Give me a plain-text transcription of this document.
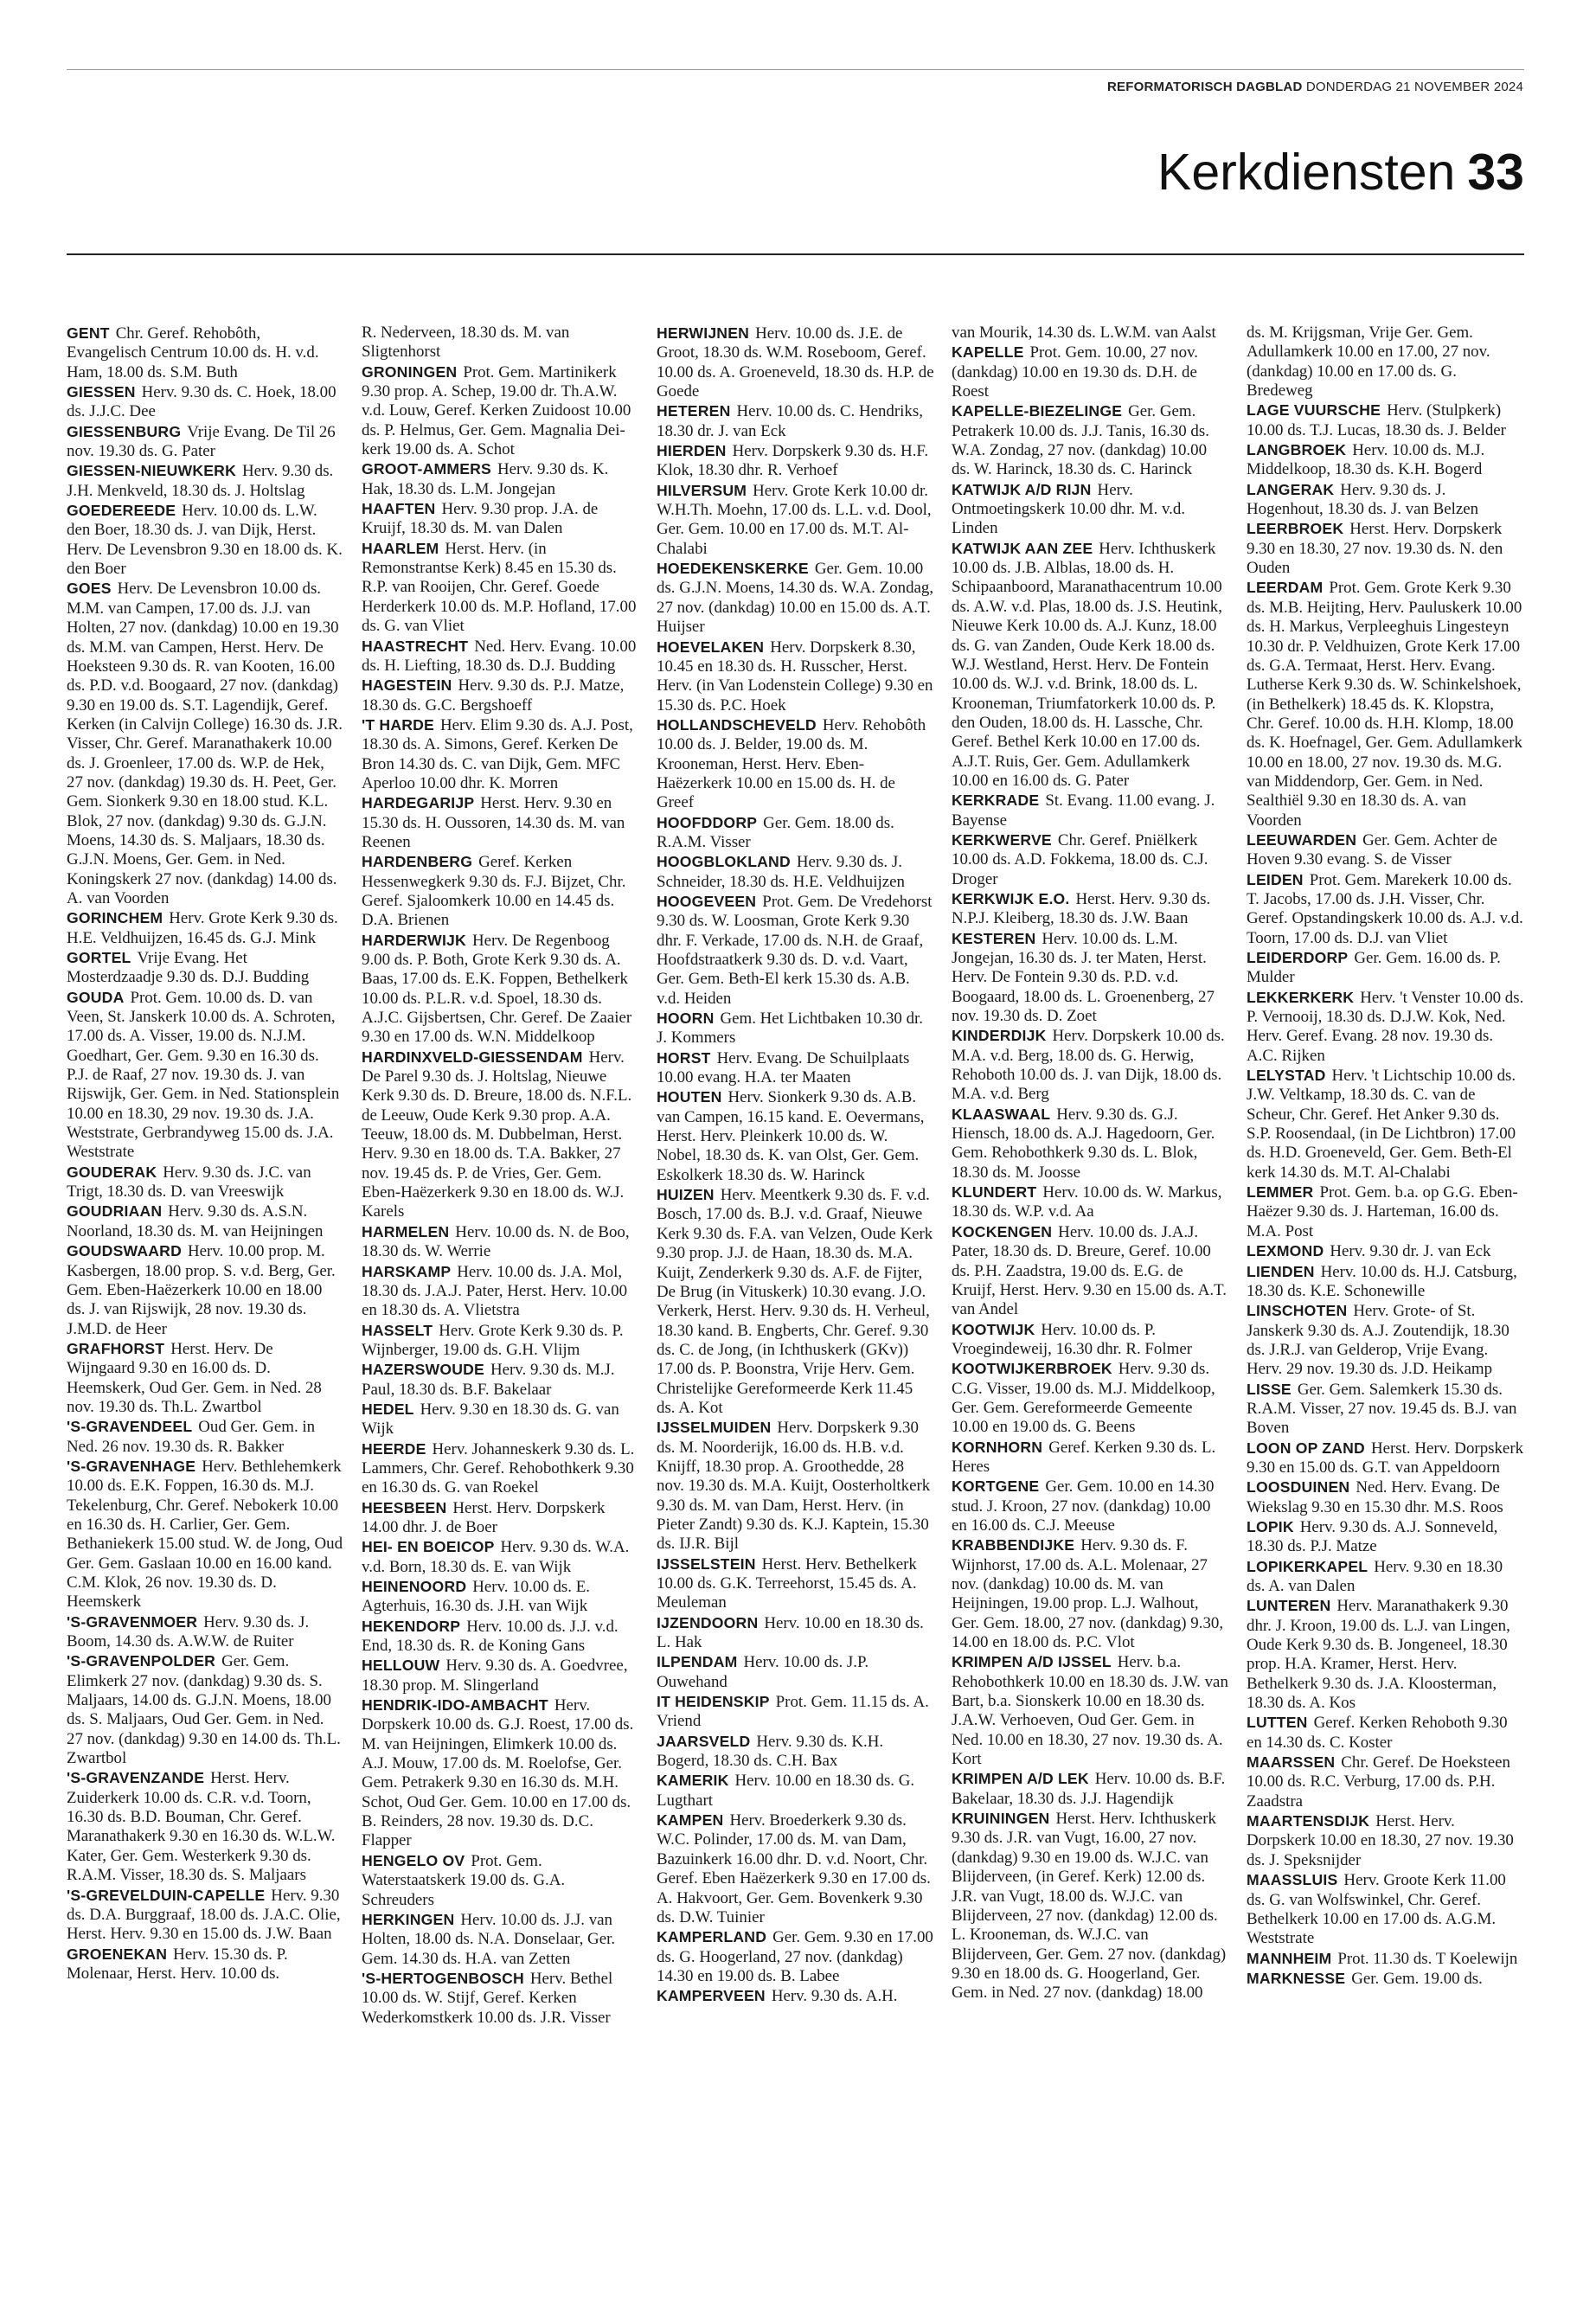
REFORMATORISCH DAGBLAD DONDERDAG 21 NOVEMBER 2024
Kerkdiensten 33

GENT Chr. Geref. Rehobôth, Evangelisch Centrum 10.00 ds. H. v.d. Ham, 18.00 ds. S.M. Buth

GIESSEN Herv. 9.30 ds. C. Hoek, 18.00 ds. J.J.C. Dee

GIESSENBURG Vrije Evang. De Til 26 nov. 19.30 ds. G. Pater

GIESSEN-NIEUWKERK Herv. 9.30 ds. J.H. Menkveld, 18.30 ds. J. Holtslag

GOEDEREEDE Herv. 10.00 ds. L.W. den Boer, 18.30 ds. J. van Dijk, Herst. Herv. De Levensbron 9.30 en 18.00 ds. K. den Boer

GOES Herv. De Levensbron 10.00 ds. M.M. van Campen, 17.00 ds. J.J. van Holten, 27 nov. (dankdag) 10.00 en 19.30 ds. M.M. van Campen, Herst. Herv. De Hoeksteen 9.30 ds. R. van Kooten, 16.00 ds. P.D. v.d. Boogaard, 27 nov. (dankdag) 9.30 en 19.00 ds. S.T. Lagendijk, Geref. Kerken (in Calvijn College) 16.30 ds. J.R. Visser, Chr. Geref. Maranathakerk 10.00 ds. J. Groenleer, 17.00 ds. W.P. de Hek, 27 nov. (dankdag) 19.30 ds. H. Peet, Ger. Gem. Sionkerk 9.30 en 18.00 stud. K.L. Blok, 27 nov. (dankdag) 9.30 ds. G.J.N. Moens, 14.30 ds. S. Maljaars, 18.30 ds. G.J.N. Moens, Ger. Gem. in Ned. Koningskerk 27 nov. (dankdag) 14.00 ds. A. van Voorden

GORINCHEM Herv. Grote Kerk 9.30 ds. H.E. Veldhuijzen, 16.45 ds. G.J. Mink

GORTEL Vrije Evang. Het Mosterdzaadje 9.30 ds. D.J. Budding

GOUDA Prot. Gem. 10.00 ds. D. van Veen, St. Janskerk 10.00 ds. A. Schroten, 17.00 ds. A. Visser, 19.00 ds. N.J.M. Goedhart, Ger. Gem. 9.30 en 16.30 ds. P.J. de Raaf, 27 nov. 19.30 ds. J. van Rijswijk, Ger. Gem. in Ned. Stationsplein 10.00 en 18.30, 29 nov. 19.30 ds. J.A. Weststrate, Gerbrandyweg 15.00 ds. J.A. Weststrate

GOUDERAK Herv. 9.30 ds. J.C. van Trigt, 18.30 ds. D. van Vreeswijk

GOUDRIAAN Herv. 9.30 ds. A.S.N. Noorland, 18.30 ds. M. van Heijningen

GOUDSWAARD Herv. 10.00 prop. M. Kasbergen, 18.00 prop. S. v.d. Berg, Ger. Gem. Eben-Haëzerkerk 10.00 en 18.00 ds. J. van Rijswijk, 28 nov. 19.30 ds. J.M.D. de Heer

GRAFHORST Herst. Herv. De Wijngaard 9.30 en 16.00 ds. D. Heemskerk, Oud Ger. Gem. in Ned. 28 nov. 19.30 ds. Th.L. Zwartbol

'S-GRAVENDEEL Oud Ger. Gem. in Ned. 26 nov. 19.30 ds. R. Bakker

'S-GRAVENHAGE Herv. Bethlehemkerk 10.00 ds. E.K. Foppen, 16.30 ds. M.J. Tekelenburg, Chr. Geref. Nebokerk 10.00 en 16.30 ds. H. Carlier, Ger. Gem. Bethaniekerk 15.00 stud. W. de Jong, Oud Ger. Gem. Gaslaan 10.00 en 16.00 kand. C.M. Klok, 26 nov. 19.30 ds. D. Heemskerk

'S-GRAVENMOER Herv. 9.30 ds. J. Boom, 14.30 ds. A.W.W. de Ruiter

'S-GRAVENPOLDER Ger. Gem. Elimkerk 27 nov. (dankdag) 9.30 ds. S. Maljaars, 14.00 ds. G.J.N. Moens, 18.00 ds. S. Maljaars, Oud Ger. Gem. in Ned. 27 nov. (dankdag) 9.30 en 14.00 ds. Th.L. Zwartbol

'S-GRAVENZANDE Herst. Herv. Zuiderkerk 10.00 ds. C.R. v.d. Toorn, 16.30 ds. B.D. Bouman, Chr. Geref. Maranathakerk 9.30 en 16.30 ds. W.L.W. Kater, Ger. Gem. Westerkerk 9.30 ds. R.A.M. Visser, 18.30 ds. S. Maljaars

'S-GREVELDUIN-CAPELLE Herv. 9.30 ds. D.A. Burggraaf, 18.00 ds. J.A.C. Olie, Herst. Herv. 9.30 en 15.00 ds. J.W. Baan

GROENEKAN Herv. 15.30 ds. P. Molenaar, Herst. Herv. 10.00 ds.

R. Nederveen, 18.30 ds. M. van Sligtenhorst

GRONINGEN Prot. Gem. Martinikerk 9.30 prop. A. Schep, 19.00 dr. Th.A.W. v.d. Louw, Geref. Kerken Zuidoost 10.00 ds. P. Helmus, Ger. Gem. Magnalia Dei-kerk 19.00 ds. A. Schot

GROOT-AMMERS Herv. 9.30 ds. K. Hak, 18.30 ds. L.M. Jongejan

HAAFTEN Herv. 9.30 prop. J.A. de Kruijf, 18.30 ds. M. van Dalen

HAARLEM Herst. Herv. (in Remonstrantse Kerk) 8.45 en 15.30 ds. R.P. van Rooijen, Chr. Geref. Goede Herderkerk 10.00 ds. M.P. Hofland, 17.00 ds. G. van Vliet

HAASTRECHT Ned. Herv. Evang. 10.00 ds. H. Liefting, 18.30 ds. D.J. Budding

HAGESTEIN Herv. 9.30 ds. P.J. Matze, 18.30 ds. G.C. Bergshoeff

'T HARDE Herv. Elim 9.30 ds. A.J. Post, 18.30 ds. A. Simons, Geref. Kerken De Bron 14.30 ds. C. van Dijk, Gem. MFC Aperloo 10.00 dhr. K. Morren

HARDEGARIJP Herst. Herv. 9.30 en 15.30 ds. H. Oussoren, 14.30 ds. M. van Reenen

HARDENBERG Geref. Kerken Hessenwegkerk 9.30 ds. F.J. Bijzet, Chr. Geref. Sjaloomkerk 10.00 en 14.45 ds. D.A. Brienen

HARDERWIJK Herv. De Regenboog 9.00 ds. P. Both, Grote Kerk 9.30 ds. A. Baas, 17.00 ds. E.K. Foppen, Bethelkerk 10.00 ds. P.L.R. v.d. Spoel, 18.30 ds. A.J.C. Gijsbertsen, Chr. Geref. De Zaaier 9.30 en 17.00 ds. W.N. Middelkoop

HARDINXVELD-GIESSENDAM Herv. De Parel 9.30 ds. J. Holtslag, Nieuwe Kerk 9.30 ds. D. Breure, 18.00 ds. N.F.L. de Leeuw, Oude Kerk 9.30 prop. A.A. Teeuw, 18.00 ds. M. Dubbelman, Herst. Herv. 9.30 en 18.00 ds. T.A. Bakker, 27 nov. 19.45 ds. P. de Vries, Ger. Gem. Eben-Haëzerkerk 9.30 en 18.00 ds. W.J. Karels

HARMELEN Herv. 10.00 ds. N. de Boo, 18.30 ds. W. Werrie

HARSKAMP Herv. 10.00 ds. J.A. Mol, 18.30 ds. J.A.J. Pater, Herst. Herv. 10.00 en 18.30 ds. A. Vlietstra

HASSELT Herv. Grote Kerk 9.30 ds. P. Wijnberger, 19.00 ds. G.H. Vlijm

HAZERSWOUDE Herv. 9.30 ds. M.J. Paul, 18.30 ds. B.F. Bakelaar

HEDEL Herv. 9.30 en 18.30 ds. G. van Wijk

HEERDE Herv. Johanneskerk 9.30 ds. L. Lammers, Chr. Geref. Rehobothkerk 9.30 en 16.30 ds. G. van Roekel

HEESBEEN Herst. Herv. Dorpskerk 14.00 dhr. J. de Boer

HEI- EN BOEICOP Herv. 9.30 ds. W.A. v.d. Born, 18.30 ds. E. van Wijk

HEINENOORD Herv. 10.00 ds. E. Agterhuis, 16.30 ds. J.H. van Wijk

HEKENDORP Herv. 10.00 ds. J.J. v.d. End, 18.30 ds. R. de Koning Gans

HELLOUW Herv. 9.30 ds. A. Goedvree, 18.30 prop. M. Slingerland

HENDRIK-IDO-AMBACHT Herv. Dorpskerk 10.00 ds. G.J. Roest, 17.00 ds. M. van Heijningen, Elimkerk 10.00 ds. A.J. Mouw, 17.00 ds. M. Roelofse, Ger. Gem. Petrakerk 9.30 en 16.30 ds. M.H. Schot, Oud Ger. Gem. 10.00 en 17.00 ds. B. Reinders, 28 nov. 19.30 ds. D.C. Flapper

HENGELO OV Prot. Gem. Waterstaatskerk 19.00 ds. G.A. Schreuders

HERKINGEN Herv. 10.00 ds. J.J. van Holten, 18.00 ds. N.A. Donselaar, Ger. Gem. 14.30 ds. H.A. van Zetten

'S-HERTOGENBOSCH Herv. Bethel 10.00 ds. W. Stijf, Geref. Kerken Wederkomstkerk 10.00 ds. J.R. Visser

HERWIJNEN Herv. 10.00 ds. J.E. de Groot, 18.30 ds. W.M. Roseboom, Geref. 10.00 ds. A. Groeneveld, 18.30 ds. H.P. de Goede

HETEREN Herv. 10.00 ds. C. Hendriks, 18.30 dr. J. van Eck

HIERDEN Herv. Dorpskerk 9.30 ds. H.F. Klok, 18.30 dhr. R. Verhoef

HILVERSUM Herv. Grote Kerk 10.00 dr. W.H.Th. Moehn, 17.00 ds. L.L. v.d. Dool, Ger. Gem. 10.00 en 17.00 ds. M.T. Al-Chalabi

HOEDEKENSKERKE Ger. Gem. 10.00 ds. G.J.N. Moens, 14.30 ds. W.A. Zondag, 27 nov. (dankdag) 10.00 en 15.00 ds. A.T. Huijser

HOEVELAKEN Herv. Dorpskerk 8.30, 10.45 en 18.30 ds. H. Russcher, Herst. Herv. (in Van Lodenstein College) 9.30 en 15.30 ds. P.C. Hoek

HOLLANDSCHEVELD Herv. Rehobôth 10.00 ds. J. Belder, 19.00 ds. M. Krooneman, Herst. Herv. Eben-Haëzerkerk 10.00 en 15.00 ds. H. de Greef

HOOFDDORP Ger. Gem. 18.00 ds. R.A.M. Visser

HOOGBLOKLAND Herv. 9.30 ds. J. Schneider, 18.30 ds. H.E. Veldhuijzen

HOOGEVEEN Prot. Gem. De Vredehorst 9.30 ds. W. Loosman, Grote Kerk 9.30 dhr. F. Verkade, 17.00 ds. N.H. de Graaf, Hoofdstraatkerk 9.30 ds. D. v.d. Vaart, Ger. Gem. Beth-El kerk 15.30 ds. A.B. v.d. Heiden

HOORN Gem. Het Lichtbaken 10.30 dr. J. Kommers

HORST Herv. Evang. De Schuilplaats 10.00 evang. H.A. ter Maaten

HOUTEN Herv. Sionkerk 9.30 ds. A.B. van Campen, 16.15 kand. E. Oevermans, Herst. Herv. Pleinkerk 10.00 ds. W. Nobel, 18.30 ds. K. van Olst, Ger. Gem. Eskolkerk 18.30 ds. W. Harinck

HUIZEN Herv. Meentkerk 9.30 ds. F. v.d. Bosch, 17.00 ds. B.J. v.d. Graaf, Nieuwe Kerk 9.30 ds. F.A. van Velzen, Oude Kerk 9.30 prop. J.J. de Haan, 18.30 ds. M.A. Kuijt, Zenderkerk 9.30 ds. A.F. de Fijter, De Brug (in Vituskerk) 10.30 evang. J.O. Verkerk, Herst. Herv. 9.30 ds. H. Verheul, 18.30 kand. B. Engberts, Chr. Geref. 9.30 ds. C. de Jong, (in Ichthuskerk (GKv)) 17.00 ds. P. Boonstra, Vrije Herv. Gem. Christelijke Gereformeerde Kerk 11.45 ds. A. Kot

IJSSELMUIDEN Herv. Dorpskerk 9.30 ds. M. Noorderijk, 16.00 ds. H.B. v.d. Knijff, 18.30 prop. A. Groothedde, 28 nov. 19.30 ds. M.A. Kuijt, Oosterholtkerk 9.30 ds. M. van Dam, Herst. Herv. (in Pieter Zandt) 9.30 ds. K.J. Kaptein, 15.30 ds. IJ.R. Bijl

IJSSELSTEIN Herst. Herv. Bethelkerk 10.00 ds. G.K. Terreehorst, 15.45 ds. A. Meuleman

IJZENDOORN Herv. 10.00 en 18.30 ds. L. Hak

ILPENDAM Herv. 10.00 ds. J.P. Ouwehand

IT HEIDENSKIP Prot. Gem. 11.15 ds. A. Vriend

JAARSVELD Herv. 9.30 ds. K.H. Bogerd, 18.30 ds. C.H. Bax

KAMERIK Herv. 10.00 en 18.30 ds. G. Lugthart

KAMPEN Herv. Broederkerk 9.30 ds. W.C. Polinder, 17.00 ds. M. van Dam, Bazuinkerk 16.00 dhr. D. v.d. Noort, Chr. Geref. Eben Haëzerkerk 9.30 en 17.00 ds. A. Hakvoort, Ger. Gem. Bovenkerk 9.30 ds. D.W. Tuinier

KAMPERLAND Ger. Gem. 9.30 en 17.00 ds. G. Hoogerland, 27 nov. (dankdag) 14.30 en 19.00 ds. B. Labee

KAMPERVEEN Herv. 9.30 ds. A.H.

van Mourik, 14.30 ds. L.W.M. van Aalst

KAPELLE Prot. Gem. 10.00, 27 nov. (dankdag) 10.00 en 19.30 ds. D.H. de Roest

KAPELLE-BIEZELINGE Ger. Gem. Petrakerk 10.00 ds. J.J. Tanis, 16.30 ds. W.A. Zondag, 27 nov. (dankdag) 10.00 ds. W. Harinck, 18.30 ds. C. Harinck

KATWIJK A/D RIJN Herv. Ontmoetingskerk 10.00 dhr. M. v.d. Linden

KATWIJK AAN ZEE Herv. Ichthuskerk 10.00 ds. J.B. Alblas, 18.00 ds. H. Schipaanboord, Maranathacentrum 10.00 ds. A.W. v.d. Plas, 18.00 ds. J.S. Heutink, Nieuwe Kerk 10.00 ds. A.J. Kunz, 18.00 ds. G. van Zanden, Oude Kerk 18.00 ds. W.J. Westland, Herst. Herv. De Fontein 10.00 ds. W.J. v.d. Brink, 18.00 ds. L. Krooneman, Triumfatorkerk 10.00 ds. P. den Ouden, 18.00 ds. H. Lassche, Chr. Geref. Bethel Kerk 10.00 en 17.00 ds. A.J.T. Ruis, Ger. Gem. Adullamkerk 10.00 en 16.00 ds. G. Pater

KERKRADE St. Evang. 11.00 evang. J. Bayense

KERKWERVE Chr. Geref. Pniëlkerk 10.00 ds. A.D. Fokkema, 18.00 ds. C.J. Droger

KERKWIJK E.O. Herst. Herv. 9.30 ds. N.P.J. Kleiberg, 18.30 ds. J.W. Baan

KESTEREN Herv. 10.00 ds. L.M. Jongejan, 16.30 ds. J. ter Maten, Herst. Herv. De Fontein 9.30 ds. P.D. v.d. Boogaard, 18.00 ds. L. Groenenberg, 27 nov. 19.30 ds. D. Zoet

KINDERDIJK Herv. Dorpskerk 10.00 ds. M.A. v.d. Berg, 18.00 ds. G. Herwig, Rehoboth 10.00 ds. J. van Dijk, 18.00 ds. M.A. v.d. Berg

KLAASWAAL Herv. 9.30 ds. G.J. Hiensch, 18.00 ds. A.J. Hagedoorn, Ger. Gem. Rehobothkerk 9.30 ds. L. Blok, 18.30 ds. M. Joosse

KLUNDERT Herv. 10.00 ds. W. Markus, 18.30 ds. W.P. v.d. Aa

KOCKENGEN Herv. 10.00 ds. J.A.J. Pater, 18.30 ds. D. Breure, Geref. 10.00 ds. P.H. Zaadstra, 19.00 ds. E.G. de Kruijf, Herst. Herv. 9.30 en 15.00 ds. A.T. van Andel

KOOTWIJK Herv. 10.00 ds. P. Vroegindeweij, 16.30 dhr. R. Folmer

KOOTWIJKERBROEK Herv. 9.30 ds. C.G. Visser, 19.00 ds. M.J. Middelkoop, Ger. Gem. Gereformeerde Gemeente 10.00 en 19.00 ds. G. Beens

KORNHORN Geref. Kerken 9.30 ds. L. Heres

KORTGENE Ger. Gem. 10.00 en 14.30 stud. J. Kroon, 27 nov. (dankdag) 10.00 en 16.00 ds. C.J. Meeuse

KRABBENDIJKE Herv. 9.30 ds. F. Wijnhorst, 17.00 ds. A.L. Molenaar, 27 nov. (dankdag) 10.00 ds. M. van Heijningen, 19.00 prop. L.J. Walhout, Ger. Gem. 18.00, 27 nov. (dankdag) 9.30, 14.00 en 18.00 ds. P.C. Vlot

KRIMPEN A/D IJSSEL Herv. b.a. Rehobothkerk 10.00 en 18.30 ds. J.W. van Bart, b.a. Sionskerk 10.00 en 18.30 ds. J.A.W. Verhoeven, Oud Ger. Gem. in Ned. 10.00 en 18.30, 27 nov. 19.30 ds. A. Kort

KRIMPEN A/D LEK Herv. 10.00 ds. B.F. Bakelaar, 18.30 ds. J.J. Hagendijk

KRUININGEN Herst. Herv. Ichthuskerk 9.30 ds. J.R. van Vugt, 16.00, 27 nov. (dankdag) 9.30 en 19.00 ds. W.J.C. van Blijderveen, (in Geref. Kerk) 12.00 ds. J.R. van Vugt, 18.00 ds. W.J.C. van Blijderveen, 27 nov. (dankdag) 12.00 ds. L. Krooneman, ds. W.J.C. van Blijderveen, Ger. Gem. 27 nov. (dankdag) 9.30 en 18.00 ds. G. Hoogerland, Ger. Gem. in Ned. 27 nov. (dankdag) 18.00

ds. M. Krijgsman, Vrije Ger. Gem. Adullamkerk 10.00 en 17.00, 27 nov. (dankdag) 10.00 en 17.00 ds. G. Bredeweg

LAGE VUURSCHE Herv. (Stulpkerk) 10.00 ds. T.J. Lucas, 18.30 ds. J. Belder

LANGBROEK Herv. 10.00 ds. M.J. Middelkoop, 18.30 ds. K.H. Bogerd

LANGERAK Herv. 9.30 ds. J. Hogenhout, 18.30 ds. J. van Belzen

LEERBROEK Herst. Herv. Dorpskerk 9.30 en 18.30, 27 nov. 19.30 ds. N. den Ouden

LEERDAM Prot. Gem. Grote Kerk 9.30 ds. M.B. Heijting, Herv. Pauluskerk 10.00 ds. H. Markus, Verpleeghuis Lingesteyn 10.30 dr. P. Veldhuizen, Grote Kerk 17.00 ds. G.A. Termaat, Herst. Herv. Evang. Lutherse Kerk 9.30 ds. W. Schinkelshoek, (in Bethelkerk) 18.45 ds. K. Klopstra, Chr. Geref. 10.00 ds. H.H. Klomp, 18.00 ds. K. Hoefnagel, Ger. Gem. Adullamkerk 10.00 en 18.00, 27 nov. 19.30 ds. M.G. van Middendorp, Ger. Gem. in Ned. Sealthiël 9.30 en 18.30 ds. A. van Voorden

LEEUWARDEN Ger. Gem. Achter de Hoven 9.30 evang. S. de Visser

LEIDEN Prot. Gem. Marekerk 10.00 ds. T. Jacobs, 17.00 ds. J.H. Visser, Chr. Geref. Opstandingskerk 10.00 ds. A.J. v.d. Toorn, 17.00 ds. D.J. van Vliet

LEIDERDORP Ger. Gem. 16.00 ds. P. Mulder

LEKKERKERK Herv. 't Venster 10.00 ds. P. Vernooij, 18.30 ds. D.J.W. Kok, Ned. Herv. Geref. Evang. 28 nov. 19.30 ds. A.C. Rijken

LELYSTAD Herv. 't Lichtschip 10.00 ds. J.W. Veltkamp, 18.30 ds. C. van de Scheur, Chr. Geref. Het Anker 9.30 ds. S.P. Roosendaal, (in De Lichtbron) 17.00 ds. H.D. Groeneveld, Ger. Gem. Beth-El kerk 14.30 ds. M.T. Al-Chalabi

LEMMER Prot. Gem. b.a. op G.G. Eben-Haëzer 9.30 ds. J. Harteman, 16.00 ds. M.A. Post

LEXMOND Herv. 9.30 dr. J. van Eck

LIENDEN Herv. 10.00 ds. H.J. Catsburg, 18.30 ds. K.E. Schonewille

LINSCHOTEN Herv. Grote- of St. Janskerk 9.30 ds. A.J. Zoutendijk, 18.30 ds. J.R.J. van Gelderop, Vrije Evang. Herv. 29 nov. 19.30 ds. J.D. Heikamp

LISSE Ger. Gem. Salemkerk 15.30 ds. R.A.M. Visser, 27 nov. 19.45 ds. B.J. van Boven

LOON OP ZAND Herst. Herv. Dorpskerk 9.30 en 15.00 ds. G.T. van Appeldoorn

LOOSDUINEN Ned. Herv. Evang. De Wiekslag 9.30 en 15.30 dhr. M.S. Roos

LOPIK Herv. 9.30 ds. A.J. Sonneveld, 18.30 ds. P.J. Matze

LOPIKERKAPEL Herv. 9.30 en 18.30 ds. A. van Dalen

LUNTEREN Herv. Maranathakerk 9.30 dhr. J. Kroon, 19.00 ds. L.J. van Lingen, Oude Kerk 9.30 ds. B. Jongeneel, 18.30 prop. H.A. Kramer, Herst. Herv. Bethelkerk 9.30 ds. J.A. Kloosterman, 18.30 ds. A. Kos

LUTTEN Geref. Kerken Rehoboth 9.30 en 14.30 ds. C. Koster

MAARSSEN Chr. Geref. De Hoeksteen 10.00 ds. R.C. Verburg, 17.00 ds. P.H. Zaadstra

MAARTENSDIJK Herst. Herv. Dorpskerk 10.00 en 18.30, 27 nov. 19.30 ds. J. Speksnijder

MAASSLUIS Herv. Groote Kerk 11.00 ds. G. van Wolfswinkel, Chr. Geref. Bethelkerk 10.00 en 17.00 ds. A.G.M. Weststrate

MANNHEIM Prot. 11.30 ds. T Koelewijn

MARKNESSE Ger. Gem. 19.00 ds.
